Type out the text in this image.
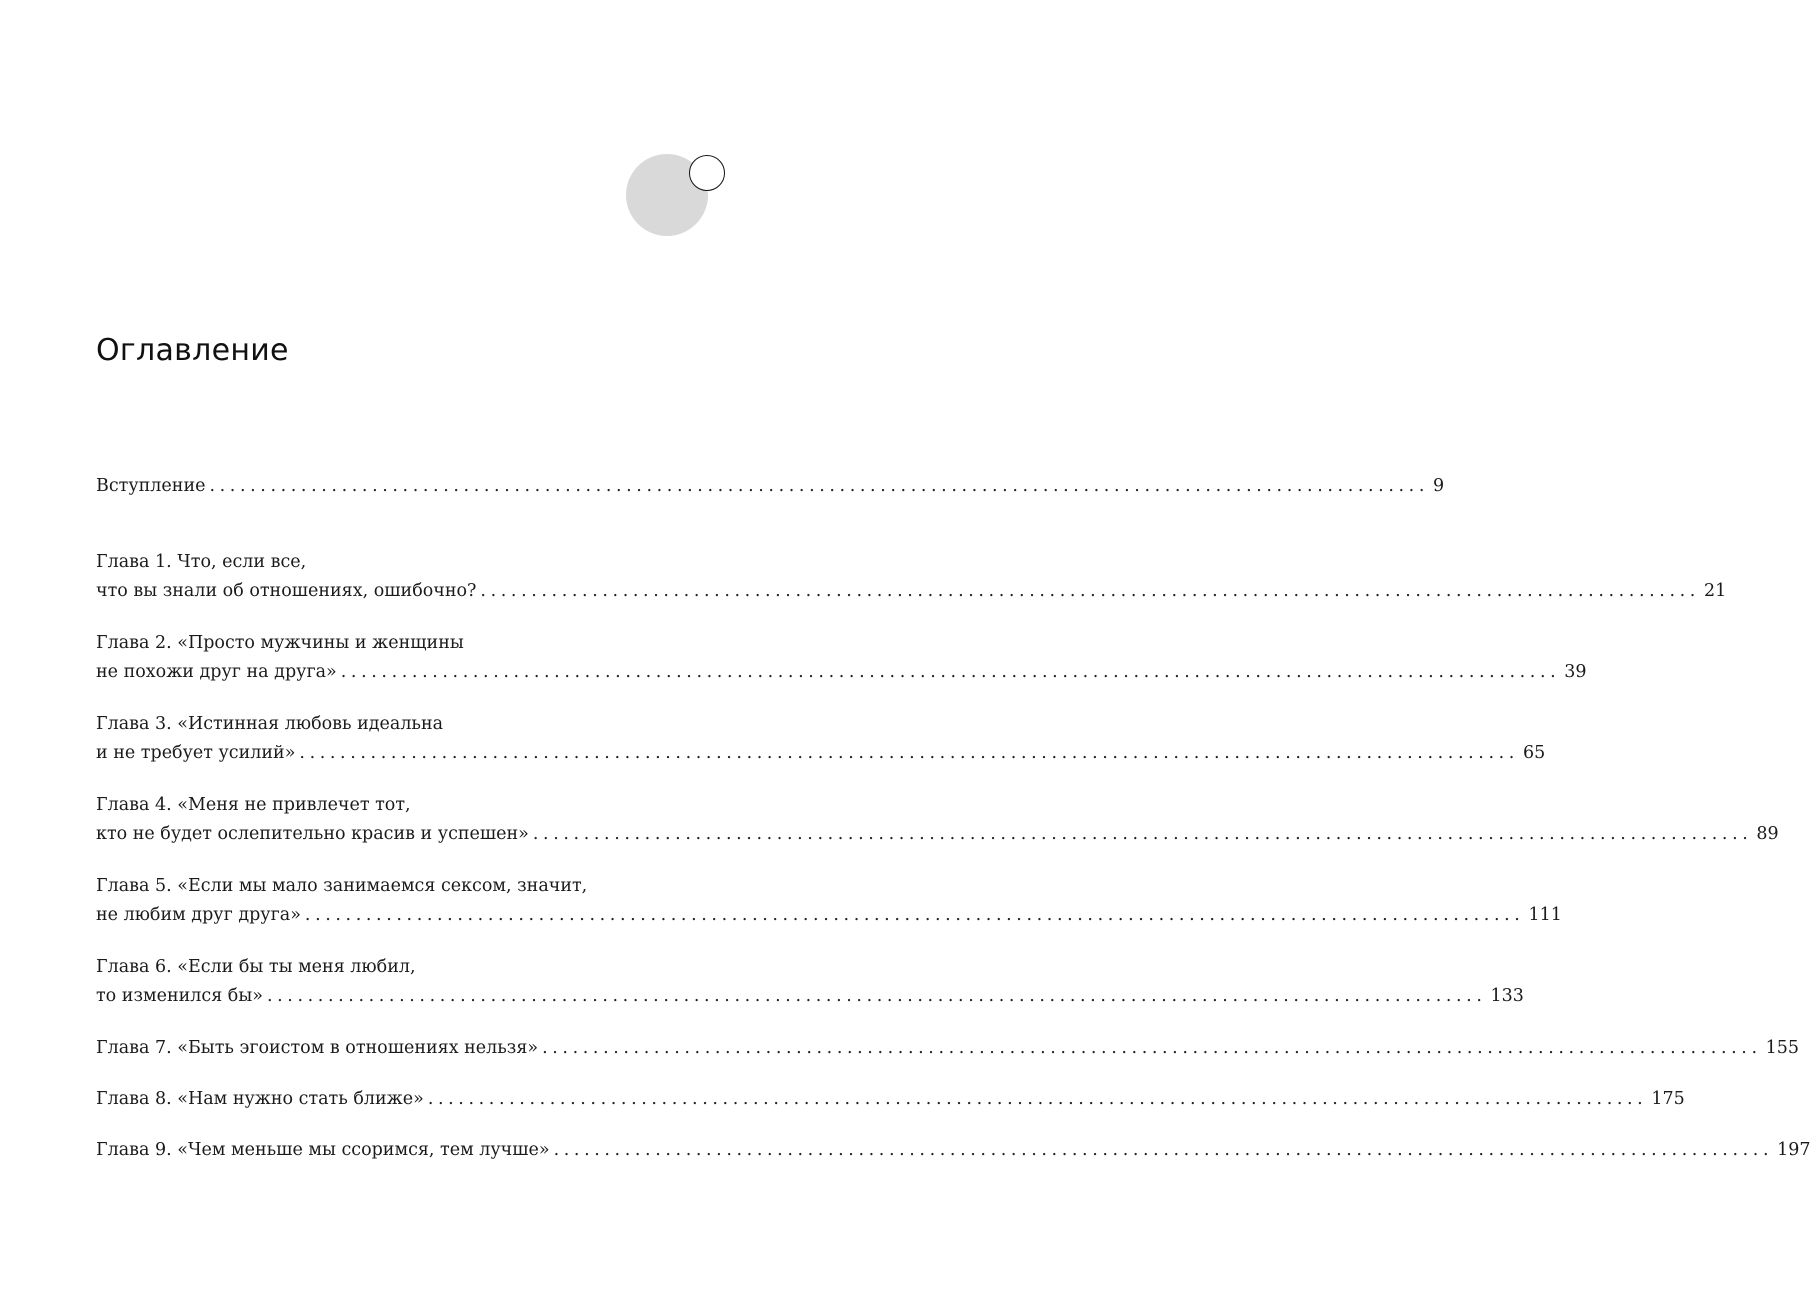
Оглавление
Вступление ........................................................................................................................ 9
Глава 1. Что, если все,
что вы знали об отношениях, ошибочно? ........................................................................................................................ 21
Глава 2. «Просто мужчины и женщины
не похожи друг на друга» ........................................................................................................................ 39
Глава 3. «Истинная любовь идеальна
и не требует усилий» ........................................................................................................................ 65
Глава 4. «Меня не привлечет тот,
кто не будет ослепительно красив и успешен» ........................................................................................................................ 89
Глава 5. «Если мы мало занимаемся сексом, значит,
не любим друг друга» ........................................................................................................................ 111
Глава 6. «Если бы ты меня любил,
то изменился бы» ........................................................................................................................ 133
Глава 7. «Быть эгоистом в отношениях нельзя» ........................................................................................................................ 155
Глава 8. «Нам нужно стать ближе» ........................................................................................................................ 175
Глава 9. «Чем меньше мы ссоримся, тем лучше» ........................................................................................................................ 197
